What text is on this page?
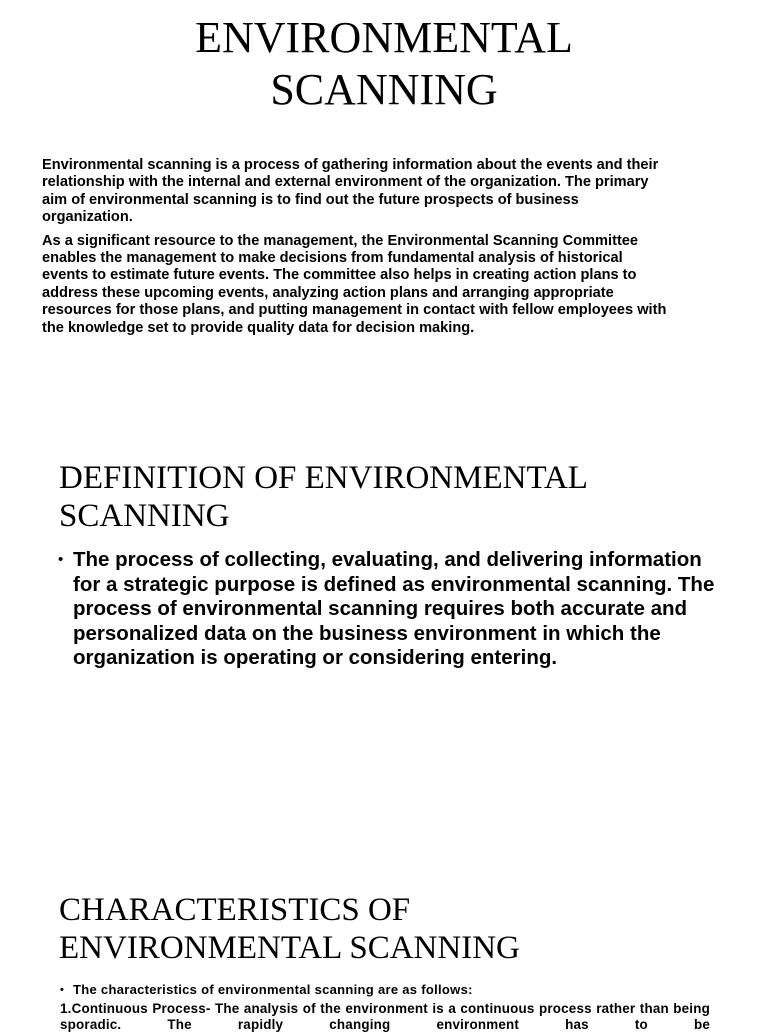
ENVIRONMENTAL
SCANNING

Environmental scanning is a process of gathering information about the events and their relationship with the internal and external environment of the organization. The primary aim of environmental scanning is to find out the future prospects of business organization.

As a significant resource to the management, the Environmental Scanning Committee enables the management to make decisions from fundamental analysis of historical events to estimate future events. The committee also helps in creating action plans to address these upcoming events, analyzing action plans and arranging appropriate resources for those plans, and putting management in contact with fellow employees with the knowledge set to provide quality data for decision making.

DEFINITION OF ENVIRONMENTAL
SCANNING
• The process of collecting, evaluating, and delivering information for a strategic purpose is defined as environmental scanning. The process of environmental scanning requires both accurate and personalized data on the business environment in which the organization is operating or considering entering.
CHARACTERISTICS OF
ENVIRONMENTAL SCANNING
• The characteristics of environmental scanning are as follows:
1.Continuous Process- The analysis of the environment is a continuous process rather than being sporadic. The rapidly changing environment has to be
